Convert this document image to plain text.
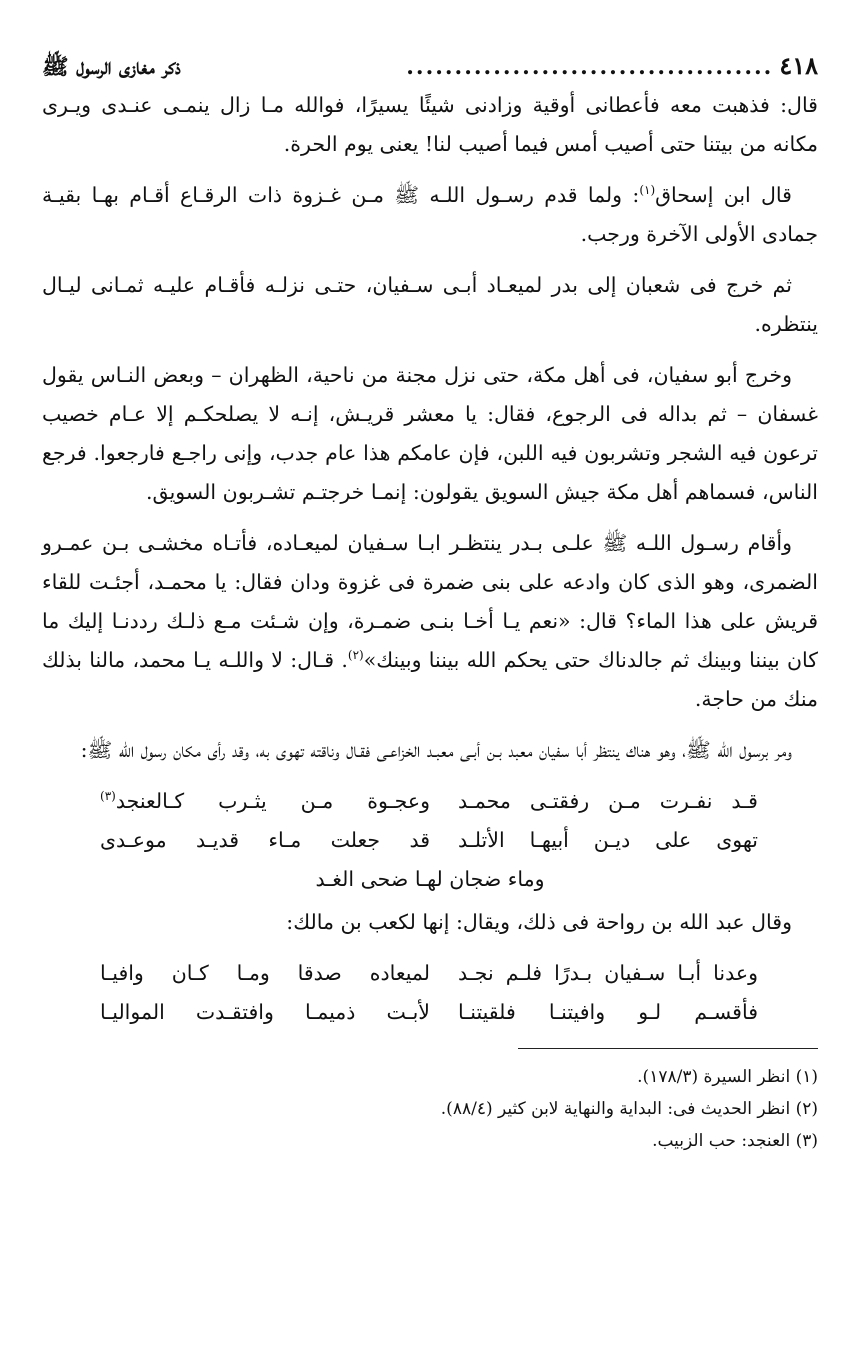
٤١٨
......................................
ذكر مغازى الرسول ﷺ

قال: فذهبت معه فأعطانى أوقية وزادنى شيئًا يسيرًا، فوالله مـا زال ينمـى عنـدى ويـرى مكانه من بيتنا حتى أصيب أمس فيما أصيب لنا! يعنى يوم الحرة.

قال ابن إسحاق$^{(١)}$: ولما قدم رسـول اللـه ﷺ مـن غـزوة ذات الرقـاع أقـام بهـا بقيـة جمادى الأولى الآخرة ورجب.

ثم خرج فى شعبان إلى بدر لميعـاد أبـى سـفيان، حتـى نزلـه فأقـام عليـه ثمـانى ليـال ينتظره.

وخرج أبو سفيان، فى أهل مكة، حتى نزل مجنة من ناحية، الظهران – وبعض النـاس يقول غسفان – ثم بداله فى الرجوع، فقال: يا معشر قريـش، إنـه لا يصلحكـم إلا عـام خصيب ترعون فيه الشجر وتشربون فيه اللبن، فإن عامكم هذا عام جدب، وإنى راجـع فارجعوا. فرجع الناس، فسماهم أهل مكة جيش السويق يقولون: إنمـا خرجتـم تشـربون السويق.

وأقام رسـول اللـه ﷺ علـى بـدر ينتظـر ابـا سـفيان لميعـاده، فأتـاه مخشـى بـن عمـرو الضمرى، وهو الذى كان وادعه على بنى ضمرة فى غزوة ودان فقال: يا محمـد، أجئـت للقاء قريش على هذا الماء؟ قال: «نعم يـا أخـا بنـى ضمـرة، وإن شـئت مـع ذلـك رددنـا إليك ما كان بيننا وبينك ثم جالدناك حتى يحكم الله بيننا وبينك»$^{(٢)}$. قـال: لا واللـه يـا محمد، مالنا بذلك منك من حاجة.

ومر برسول الله ﷺ، وهو هناك ينتظر أبا سفيان معبد بـن أبـى معبـد الخزاعـى فقـال وناقته تهوى به، وقد رأى مكان رسول الله ﷺ:

قـد نفـرت مـن رفقتـى محمـد
وعجـوة مـن يثـرب كـالعنجد$^{(٣)}$
تهوى على ديـن أبيهـا الأتلـد
قد جعلت مـاء قديـد موعـدى
وماء ضجان لهـا ضحى الغـد

وقال عبد الله بن رواحة فى ذلك، ويقال: إنها لكعب بن مالك:

وعدنا أبـا سـفيان بـدرًا فلـم نجـد
لميعاده صدقا ومـا كـان وافيـا
فأقسـم لـو وافيتنـا فلقيتنـا
لأبـت ذميمـا وافتقـدت المواليـا

(١) انظر السيرة (١٧٨/٣).

(٢) انظر الحديث فى: البداية والنهاية لابن كثير (٨٨/٤).

(٣) العنجد: حب الزبيب.
